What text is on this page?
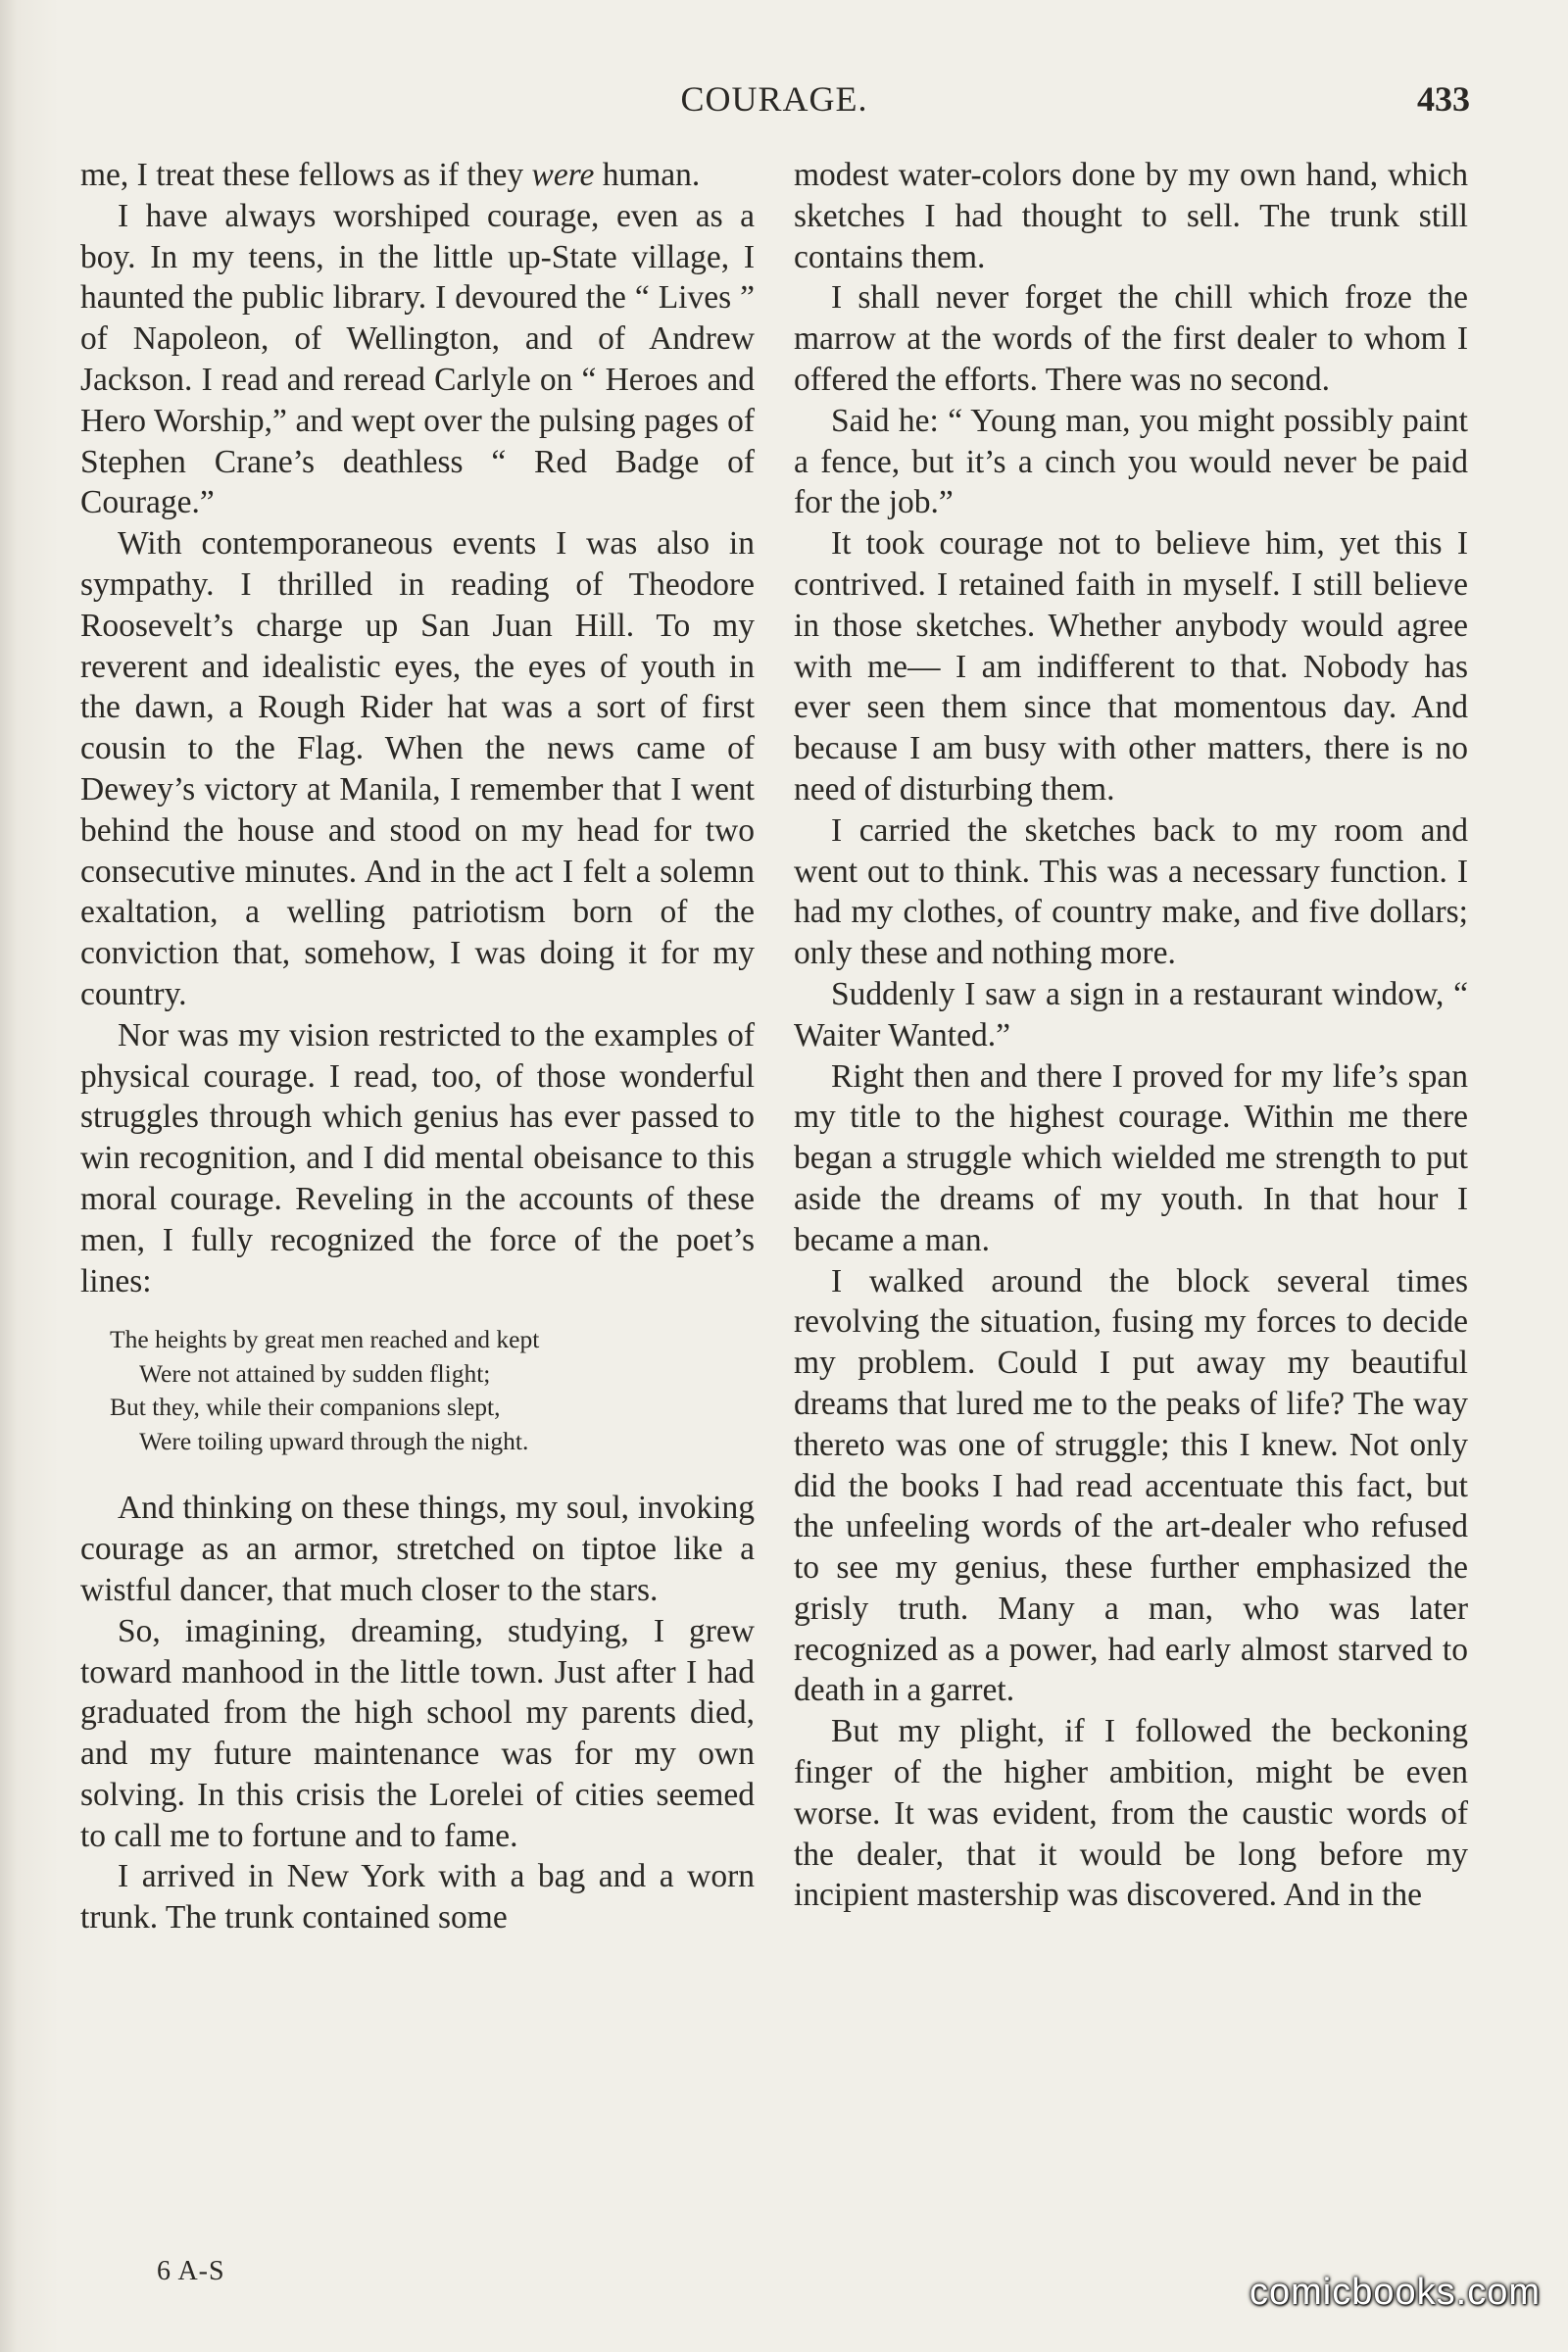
COURAGE.	433

me, I treat these fellows as if they were human.

I have always worshiped courage, even as a boy. In my teens, in the little up-State village, I haunted the public library. I devoured the “ Lives ” of Napoleon, of Wellington, and of Andrew Jackson. I read and reread Carlyle on “ Heroes and Hero Worship,” and wept over the pulsing pages of Stephen Crane’s deathless “ Red Badge of Courage.”

With contemporaneous events I was also in sympathy. I thrilled in reading of Theodore Roosevelt’s charge up San Juan Hill. To my reverent and idealistic eyes, the eyes of youth in the dawn, a Rough Rider hat was a sort of first cousin to the Flag. When the news came of Dewey’s victory at Manila, I remember that I went behind the house and stood on my head for two consecutive minutes. And in the act I felt a solemn exaltation, a welling patriotism born of the conviction that, somehow, I was doing it for my country.

Nor was my vision restricted to the examples of physical courage. I read, too, of those wonderful struggles through which genius has ever passed to win recognition, and I did mental obeisance to this moral courage. Reveling in the accounts of these men, I fully recognized the force of the poet’s lines:

The heights by great men reached and kept
Were not attained by sudden flight;
But they, while their companions slept,
Were toiling upward through the night.

And thinking on these things, my soul, invoking courage as an armor, stretched on tiptoe like a wistful dancer, that much closer to the stars.

So, imagining, dreaming, studying, I grew toward manhood in the little town. Just after I had graduated from the high school my parents died, and my future maintenance was for my own solving. In this crisis the Lorelei of cities seemed to call me to fortune and to fame.

I arrived in New York with a bag and a worn trunk. The trunk contained some

modest water-colors done by my own hand, which sketches I had thought to sell. The trunk still contains them.

I shall never forget the chill which froze the marrow at the words of the first dealer to whom I offered the efforts. There was no second.

Said he: “ Young man, you might possibly paint a fence, but it’s a cinch you would never be paid for the job.”

It took courage not to believe him, yet this I contrived. I retained faith in myself. I still believe in those sketches. Whether anybody would agree with me— I am indifferent to that. Nobody has ever seen them since that momentous day. And because I am busy with other matters, there is no need of disturbing them.

I carried the sketches back to my room and went out to think. This was a necessary function. I had my clothes, of country make, and five dollars; only these and nothing more.

Suddenly I saw a sign in a restaurant window, “ Waiter Wanted.”

Right then and there I proved for my life’s span my title to the highest courage. Within me there began a struggle which wielded me strength to put aside the dreams of my youth. In that hour I became a man.

I walked around the block several times revolving the situation, fusing my forces to decide my problem. Could I put away my beautiful dreams that lured me to the peaks of life? The way thereto was one of struggle; this I knew. Not only did the books I had read accentuate this fact, but the unfeeling words of the art-dealer who refused to see my genius, these further emphasized the grisly truth. Many a man, who was later recognized as a power, had early almost starved to death in a garret.

But my plight, if I followed the beckoning finger of the higher ambition, might be even worse. It was evident, from the caustic words of the dealer, that it would be long before my incipient mastership was discovered. And in the

6 A-S
comicbooks.com
